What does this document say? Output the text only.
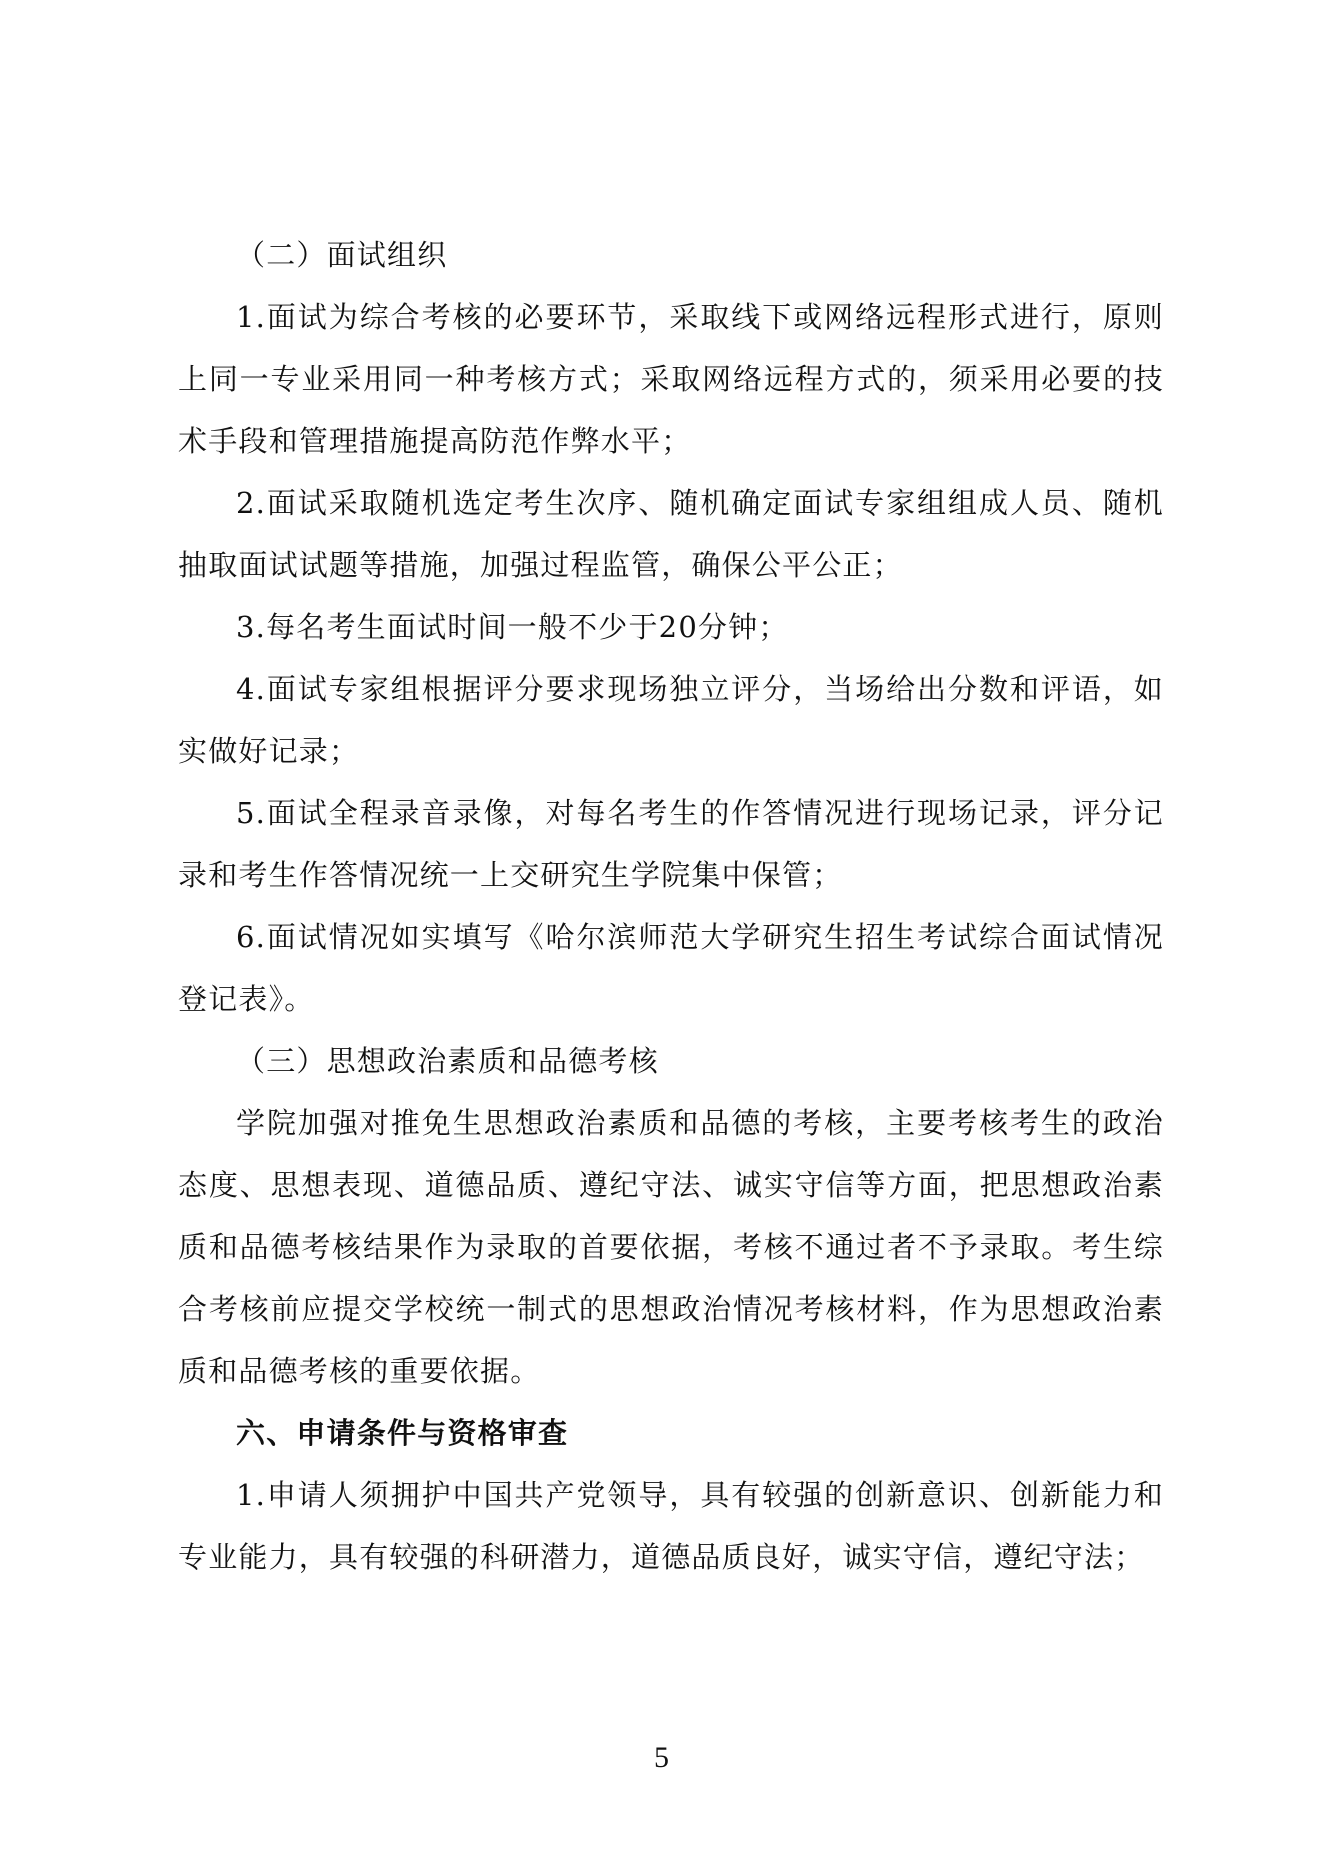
（二）面试组织

1.面试为综合考核的必要环节，采取线下或网络远程形式进行，原则上同一专业采用同一种考核方式；采取网络远程方式的，须采用必要的技术手段和管理措施提高防范作弊水平；

2.面试采取随机选定考生次序、随机确定面试专家组组成人员、随机抽取面试试题等措施，加强过程监管，确保公平公正；

3.每名考生面试时间一般不少于20分钟；

4.面试专家组根据评分要求现场独立评分，当场给出分数和评语，如实做好记录；

5.面试全程录音录像，对每名考生的作答情况进行现场记录，评分记录和考生作答情况统一上交研究生学院集中保管；

6.面试情况如实填写《哈尔滨师范大学研究生招生考试综合面试情况登记表》。

（三）思想政治素质和品德考核

学院加强对推免生思想政治素质和品德的考核，主要考核考生的政治态度、思想表现、道德品质、遵纪守法、诚实守信等方面，把思想政治素质和品德考核结果作为录取的首要依据，考核不通过者不予录取。考生综合考核前应提交学校统一制式的思想政治情况考核材料，作为思想政治素质和品德考核的重要依据。

六、申请条件与资格审查

1.申请人须拥护中国共产党领导，具有较强的创新意识、创新能力和专业能力，具有较强的科研潜力，道德品质良好，诚实守信，遵纪守法；

5
